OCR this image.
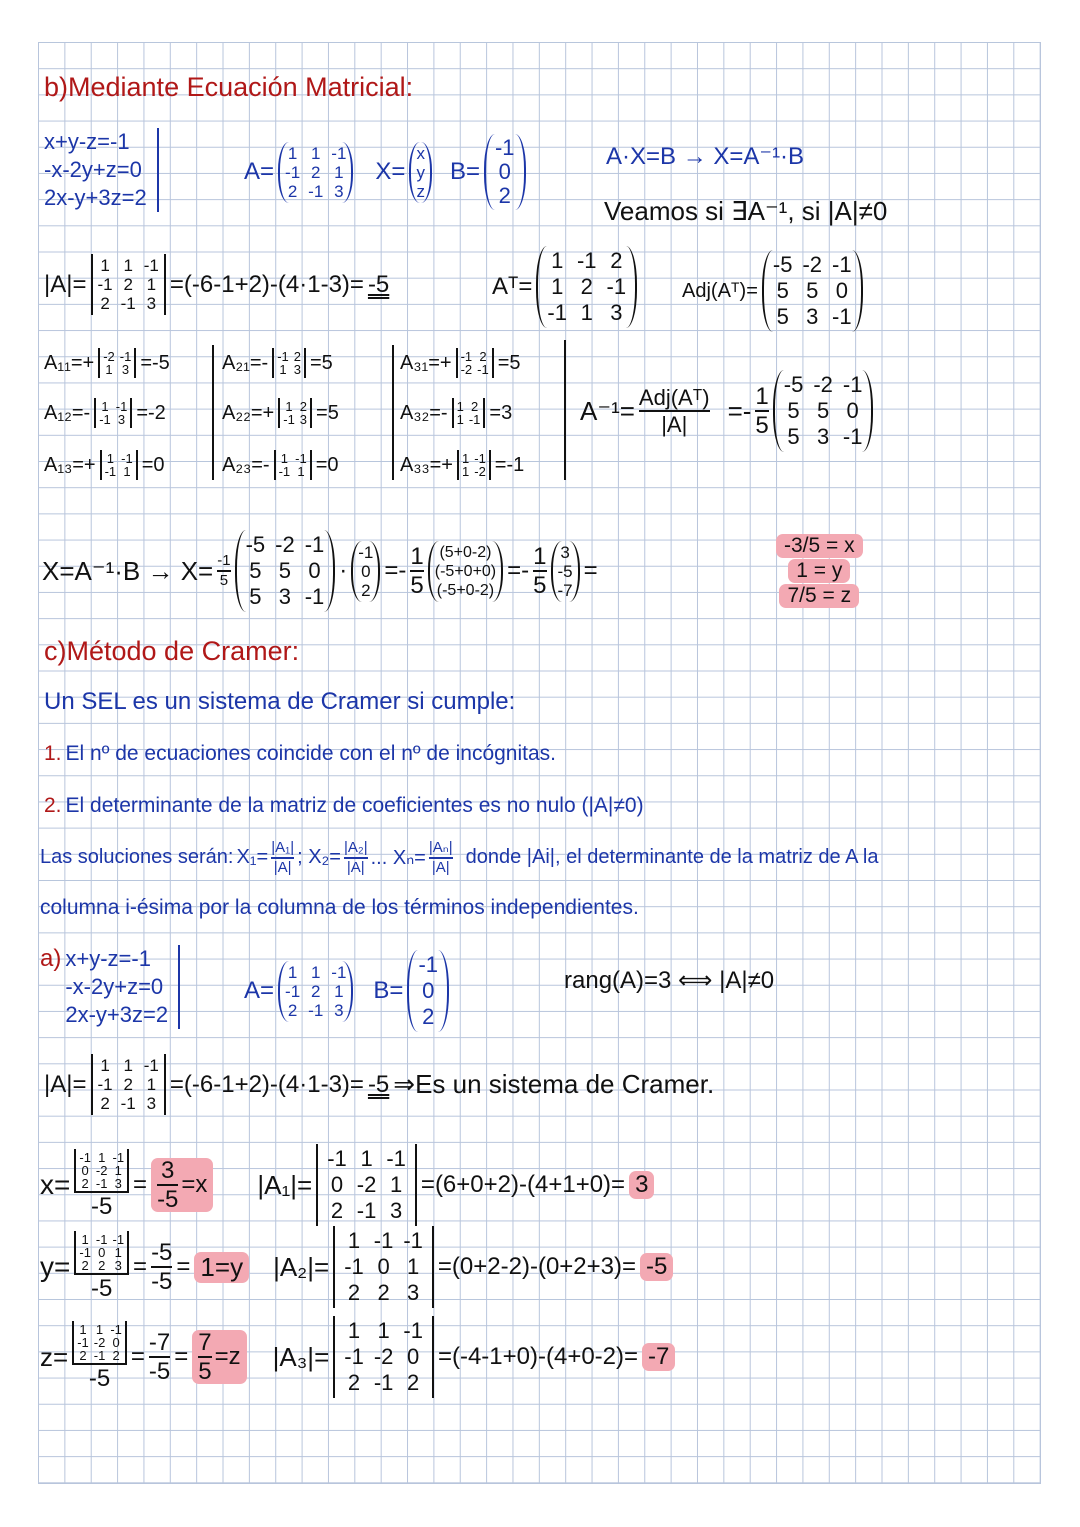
b)Mediante Ecuación Matricial:
x+y-z=-1
-x-2y+z=0
2x-y+3z=2
A=
1 1 -1
-1 2 1
2 -1 3
X=
x
y
z
B=
-1
0
2
A·X=B → X=A⁻¹·B
Veamos si ∃A⁻¹, si |A|≠0
|A|=
1 1 -1
-1 2 1
2 -1 3
=(-6-1+2)-(4·1-3)= -5	Aᵀ=
1 -1 2
1 2 -1
-1 1 3
Adj(Aᵀ)=
-5 -2 -1
5 5 0
5 3 -1
A₁₁=+ -2 -1
1 3 =-5
A₁₂=- 1 -1
-1 3 =-2
A₁₃=+ 1 -1
-1 1 =0
A₂₁=- -1 2
1 3 =5
A₂₂=+ 1 2
-1 3 =5
A₂₃=- 1 -1
-1 1 =0
A₃₁=+ -1 2
-2 -1 =5
A₃₂=- 1 2
1 -1 =3
A₃₃=+ 1 -1
1 -2 =-1
$A^{-1}= \frac{\text{Adj(Aᵀ)}}{|A|} =- \frac{1}{5} -5$ -2 -1
5 5 0
5 3 -1
$X=A^{-1}\cdot B \to X= \frac{-1}{5}$
-5 -2 -1
5 5 0
5 3 -1
·
-1
0
2
=- $\frac{1}{5} (5+0-2)$
(-5+0+0)
(-5+0-2)
=- $\frac{1}{5} 3$
-5
-7
=
-3/5 = x
1 = y
7/5 = z
c)Método de Cramer:
Un SEL es un sistema de Cramer si cumple:
1. El nº de ecuaciones coincide con el nº de incógnitas.
2. El determinante de la matriz de coeficientes es no nulo (|A|≠0)
Las soluciones serán: $X_1= \frac{\text{|A₁|}}{|A|}$ ; $X_2= \frac{\text{|A₂|}}{|A|}$ ... $X_n= \frac{\text{|Aₙ|}}{|A|}$ donde |Ai|, el determinante de la matriz de A la
columna i-ésima por la columna de los términos independientes.
a) x+y-z=-1
-x-2y+z=0
2x-y+3z=2
A=
1 1 -1
-1 2 1
2 -1 3
B=
-1
0
2
rang(A)=3 ⟺ |A|≠0
|A|=
1 1 -1
-1 2 1
2 -1 3
=(-6-1+2)-(4·1-3)= -5 ⇒Es un sistema de Cramer.
x= -1 1 -1
0 -2 1
2 -1 3
$-5 = \frac{3}{-5} =x$ |A₁|=
-1 1 -1
0 -2 1
2 -1 3
=(6+0+2)-(4+1+0)= 3
y= 1 -1 -1
-1 0 1
2 2 3
$-5 = \frac{-5}{-5} = 1=y$ |A₂|=
1 -1 -1
-1 0 1
2 2 3
=(0+2-2)-(0+2+3)= -5
z= 1 1 -1
-1 -2 0
2 -1 2
$-5 = \frac{-7}{-5} = \frac{7}{5} =z$ |A₃|=
1 1 -1
-1 -2 0
2 -1 2
=(-4-1+0)-(4+0-2)= -7
